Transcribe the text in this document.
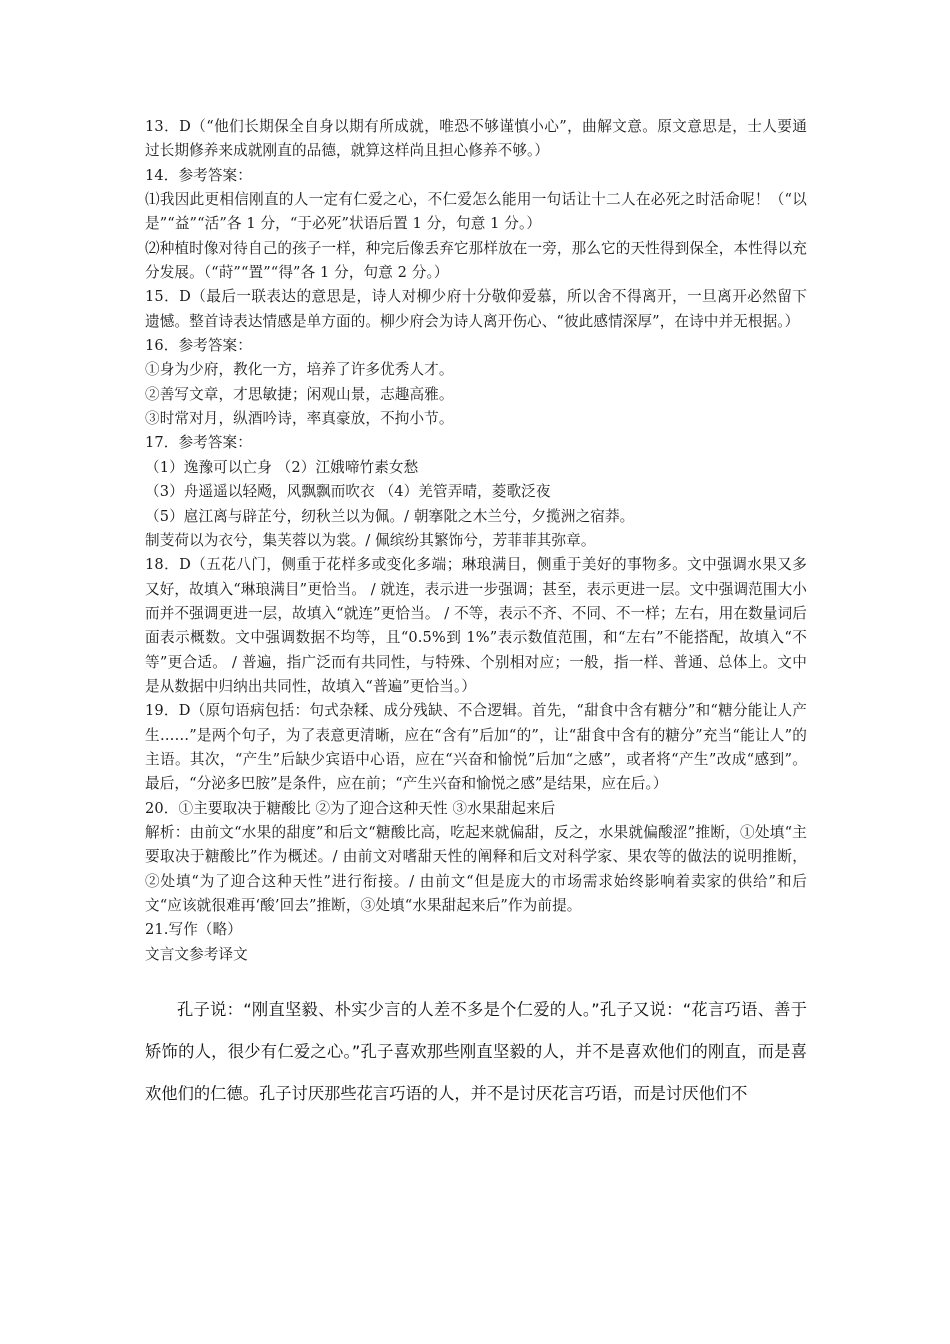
13．D（“他们长期保全自身以期有所成就，唯恐不够谨慎小心”，曲解文意。原文意思是，士人要通过长期修养来成就刚直的品德，就算这样尚且担心修养不够。）

14．参考答案：

⑴我因此更相信刚直的人一定有仁爱之心，不仁爱怎么能用一句话让十二人在必死之时活命呢！（“以是”“益”“活”各 1 分，“于必死”状语后置 1 分，句意 1 分。）

⑵种植时像对待自己的孩子一样，种完后像丢弃它那样放在一旁，那么它的天性得到保全，本性得以充分发展。（“莳”“置”“得”各 1 分，句意 2 分。）

15．D（最后一联表达的意思是，诗人对柳少府十分敬仰爱慕，所以舍不得离开，一旦离开必然留下遗憾。整首诗表达情感是单方面的。柳少府会为诗人离开伤心、“彼此感情深厚”，在诗中并无根据。）

16．参考答案：

①身为少府，教化一方，培养了许多优秀人才。

②善写文章，才思敏捷；闲观山景，志趣高雅。

③时常对月，纵酒吟诗，率真豪放，不拘小节。

17．参考答案：

（1）逸豫可以亡身 （2）江娥啼竹素女愁

（3）舟遥遥以轻飏，风飘飘而吹衣 （4）羌管弄晴，菱歌泛夜

（5）扈江离与辟芷兮，纫秋兰以为佩。/ 朝搴阰之木兰兮，夕揽洲之宿莽。

制芰荷以为衣兮，集芙蓉以为裳。/ 佩缤纷其繁饰兮，芳菲菲其弥章。

18．D（五花八门，侧重于花样多或变化多端；琳琅满目，侧重于美好的事物多。文中强调水果又多又好，故填入“琳琅满目”更恰当。 / 就连，表示进一步强调；甚至，表示更进一层。文中强调范围大小而并不强调更进一层，故填入“就连”更恰当。 / 不等，表示不齐、不同、不一样；左右，用在数量词后面表示概数。文中强调数据不均等，且“0.5%到 1%”表示数值范围，和“左右”不能搭配，故填入“不等”更合适。 / 普遍，指广泛而有共同性，与特殊、个别相对应；一般，指一样、普通、总体上。文中是从数据中归纳出共同性，故填入“普遍”更恰当。）

19．D（原句语病包括：句式杂糅、成分残缺、不合逻辑。首先，“甜食中含有糖分”和“糖分能让人产生……”是两个句子，为了表意更清晰，应在“含有”后加“的”，让“甜食中含有的糖分”充当“能让人”的主语。其次，“产生”后缺少宾语中心语，应在“兴奋和愉悦”后加“之感”，或者将“产生”改成“感到”。最后，“分泌多巴胺”是条件，应在前；“产生兴奋和愉悦之感”是结果，应在后。）

20．①主要取决于糖酸比 ②为了迎合这种天性 ③水果甜起来后

解析：由前文“水果的甜度”和后文“糖酸比高，吃起来就偏甜，反之，水果就偏酸涩”推断，①处填“主要取决于糖酸比”作为概述。/ 由前文对嗜甜天性的阐释和后文对科学家、果农等的做法的说明推断，②处填“为了迎合这种天性”进行衔接。/ 由前文“但是庞大的市场需求始终影响着卖家的供给”和后文“应该就很难再‘酸’回去”推断，③处填“水果甜起来后”作为前提。

21.写作（略）

文言文参考译文

孔子说：“刚直坚毅、朴实少言的人差不多是个仁爱的人。”孔子又说：“花言巧语、善于矫饰的人，很少有仁爱之心。”孔子喜欢那些刚直坚毅的人，并不是喜欢他们的刚直，而是喜欢他们的仁德。孔子讨厌那些花言巧语的人，并不是讨厌花言巧语，而是讨厌他们不
